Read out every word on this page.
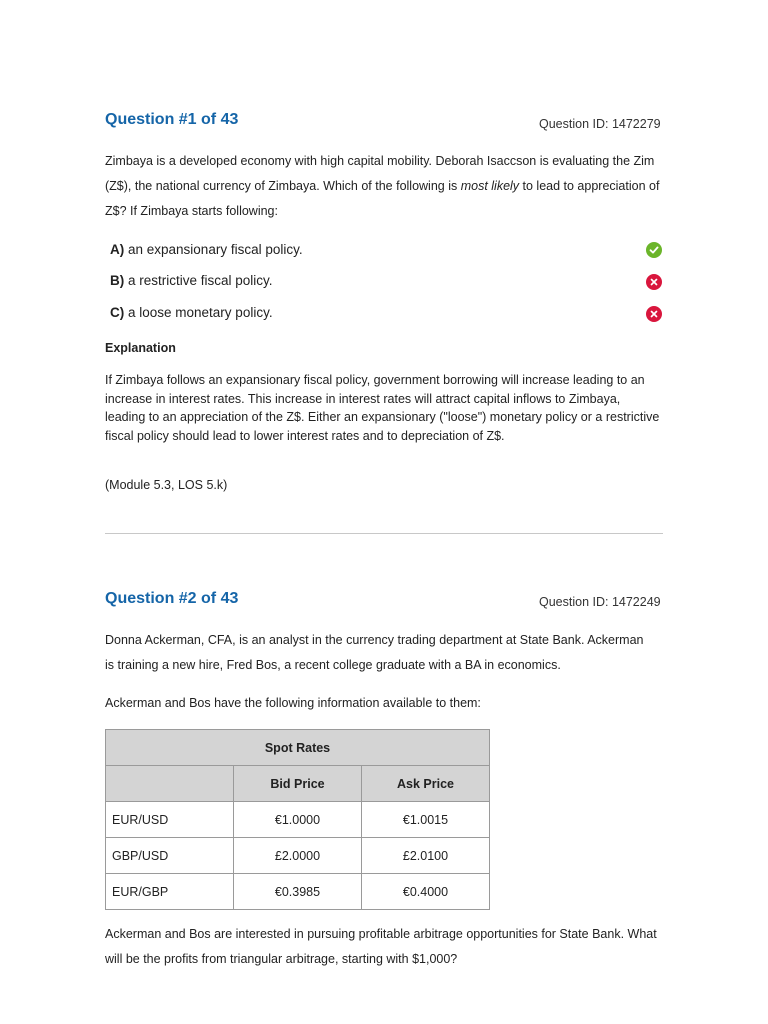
Question #1 of 43	Question ID: 1472279
Zimbaya is a developed economy with high capital mobility. Deborah Isaccson is evaluating the Zim (Z$), the national currency of Zimbaya. Which of the following is most likely to lead to appreciation of Z$? If Zimbaya starts following:
A) an expansionary fiscal policy.
B) a restrictive fiscal policy.
C) a loose monetary policy.
Explanation
If Zimbaya follows an expansionary fiscal policy, government borrowing will increase leading to an increase in interest rates. This increase in interest rates will attract capital inflows to Zimbaya, leading to an appreciation of the Z$. Either an expansionary ("loose") monetary policy or a restrictive fiscal policy should lead to lower interest rates and to depreciation of Z$.
(Module 5.3, LOS 5.k)
Question #2 of 43	Question ID: 1472249
Donna Ackerman, CFA, is an analyst in the currency trading department at State Bank. Ackerman is training a new hire, Fred Bos, a recent college graduate with a BA in economics.
Ackerman and Bos have the following information available to them:
Spot Rates		
	Bid Price	Ask Price
EUR/USD	€1.0000	€1.0015
GBP/USD	£2.0000	£2.0100
EUR/GBP	€0.3985	€0.4000
Ackerman and Bos are interested in pursuing profitable arbitrage opportunities for State Bank. What will be the profits from triangular arbitrage, starting with $1,000?
